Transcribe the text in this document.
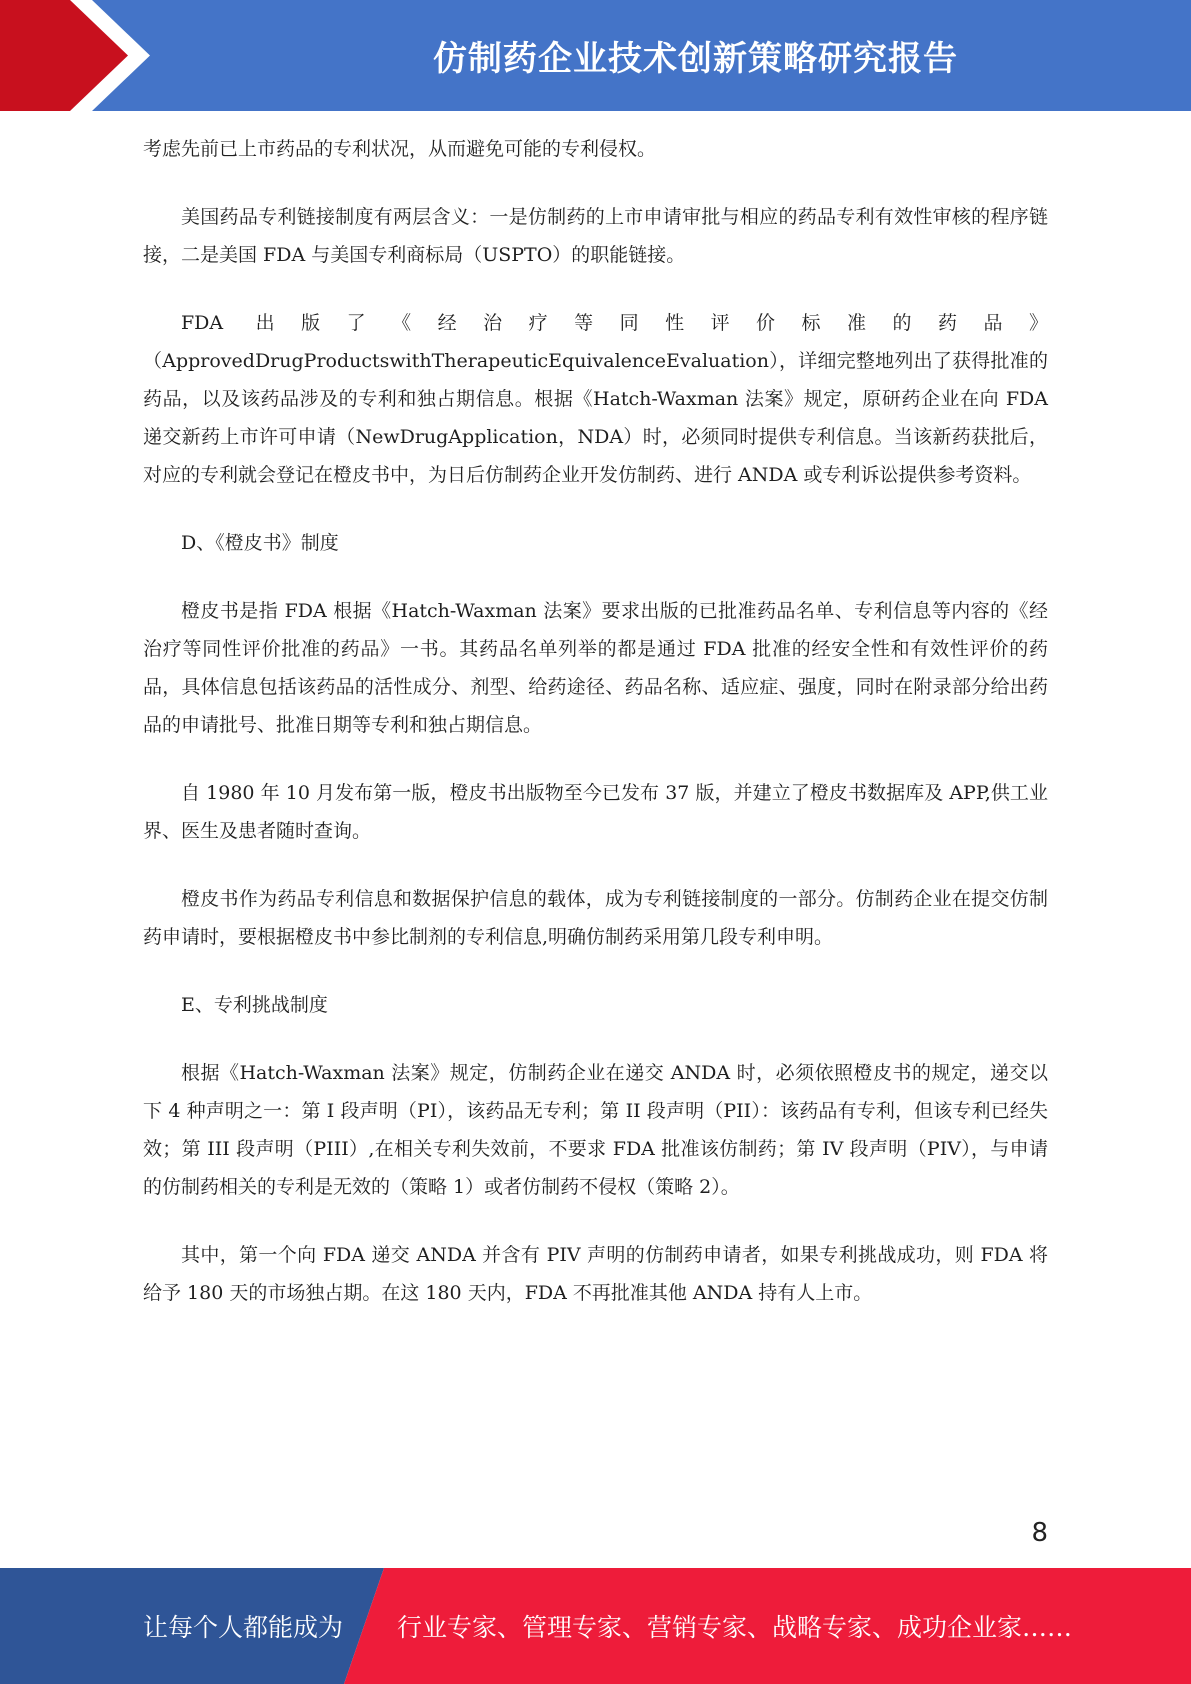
仿制药企业技术创新策略研究报告

考虑先前已上市药品的专利状况，从而避免可能的专利侵权。

美国药品专利链接制度有两层含义：一是仿制药的上市申请审批与相应的药品专利有效性审核的程序链接，二是美国 FDA 与美国专利商标局（USPTO）的职能链接。

FDA 出版了《经治疗等同性评价标准的药品》（ApprovedDrugProductswithTherapeuticEquivalenceEvaluation），详细完整地列出了获得批准的药品，以及该药品涉及的专利和独占期信息。根据《Hatch-Waxman 法案》规定，原研药企业在向 FDA 递交新药上市许可申请（NewDrugApplication，NDA）时，必须同时提供专利信息。当该新药获批后，对应的专利就会登记在橙皮书中，为日后仿制药企业开发仿制药、进行 ANDA 或专利诉讼提供参考资料。

D、《橙皮书》制度

橙皮书是指 FDA 根据《Hatch-Waxman 法案》要求出版的已批准药品名单、专利信息等内容的《经治疗等同性评价批准的药品》一书。其药品名单列举的都是通过 FDA 批准的经安全性和有效性评价的药品，具体信息包括该药品的活性成分、剂型、给药途径、药品名称、适应症、强度，同时在附录部分给出药品的申请批号、批准日期等专利和独占期信息。

自 1980 年 10 月发布第一版，橙皮书出版物至今已发布 37 版，并建立了橙皮书数据库及 APP,供工业界、医生及患者随时查询。

橙皮书作为药品专利信息和数据保护信息的载体，成为专利链接制度的一部分。仿制药企业在提交仿制药申请时，要根据橙皮书中参比制剂的专利信息,明确仿制药采用第几段专利申明。

E、专利挑战制度

根据《Hatch-Waxman 法案》规定，仿制药企业在递交 ANDA 时，必须依照橙皮书的规定，递交以下 4 种声明之一：第 I 段声明（PI），该药品无专利；第 II 段声明（PII）：该药品有专利，但该专利已经失效；第 III 段声明（PIII）,在相关专利失效前，不要求 FDA 批准该仿制药；第 IV 段声明（PIV），与申请的仿制药相关的专利是无效的（策略 1）或者仿制药不侵权（策略 2）。

其中，第一个向 FDA 递交 ANDA 并含有 PIV 声明的仿制药申请者，如果专利挑战成功，则 FDA 将给予 180 天的市场独占期。在这 180 天内，FDA 不再批准其他 ANDA 持有人上市。

8
让每个人都能成为 行业专家、管理专家、营销专家、战略专家、成功企业家……
